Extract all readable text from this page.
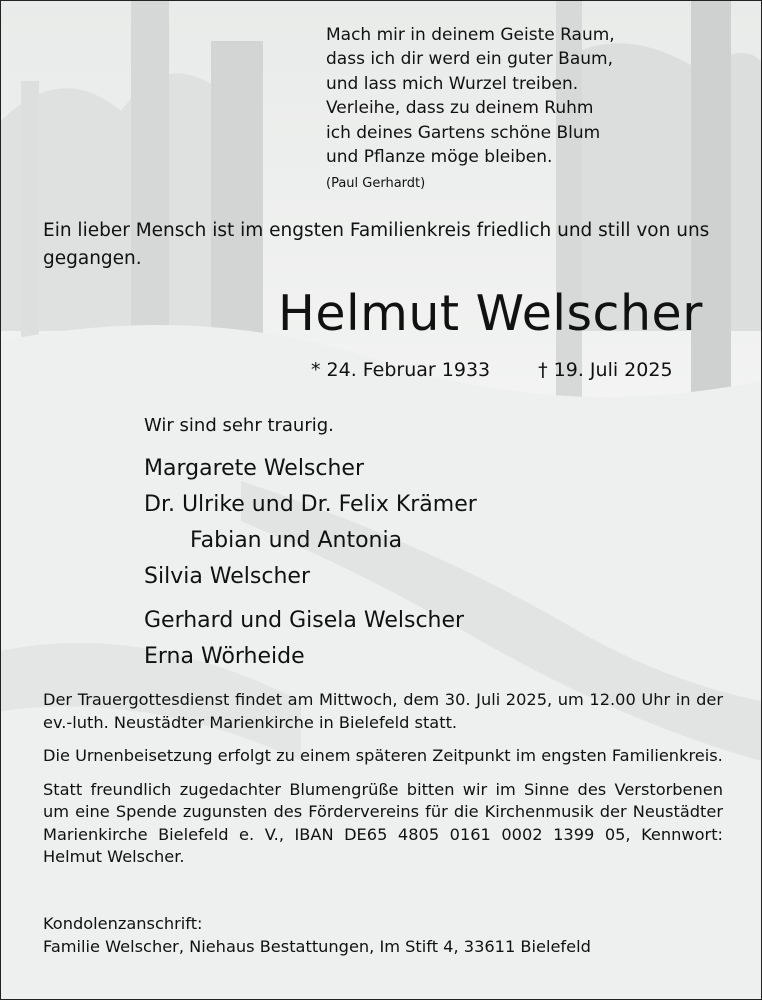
Mach mir in deinem Geiste Raum,
dass ich dir werd ein guter Baum,
und lass mich Wurzel treiben.
Verleihe, dass zu deinem Ruhm
ich deines Gartens schöne Blum
und Pflanze möge bleiben.
(Paul Gerhardt)
Ein lieber Mensch ist im engsten Familienkreis friedlich und still von uns gegangen.
Helmut Welscher
* 24. Februar 1933	† 19. Juli 2025
Wir sind sehr traurig.
Margarete Welscher
Dr. Ulrike und Dr. Felix Krämer
Fabian und Antonia
Silvia Welscher
Gerhard und Gisela Welscher
Erna Wörheide

Der Trauergottesdienst findet am Mittwoch, dem 30. Juli 2025, um 12.00 Uhr in der ev.-luth. Neustädter Marienkirche in Bielefeld statt.

Die Urnenbeisetzung erfolgt zu einem späteren Zeitpunkt im engsten Familienkreis.

Statt freundlich zugedachter Blumengrüße bitten wir im Sinne des Verstorbenen um eine Spende zugunsten des Fördervereins für die Kirchenmusik der Neustädter Marienkirche Bielefeld e. V., IBAN DE65 4805 0161 0002 1399 05, Kennwort: Helmut Welscher.

Kondolenzanschrift:
Familie Welscher, Niehaus Bestattungen, Im Stift 4, 33611 Bielefeld
